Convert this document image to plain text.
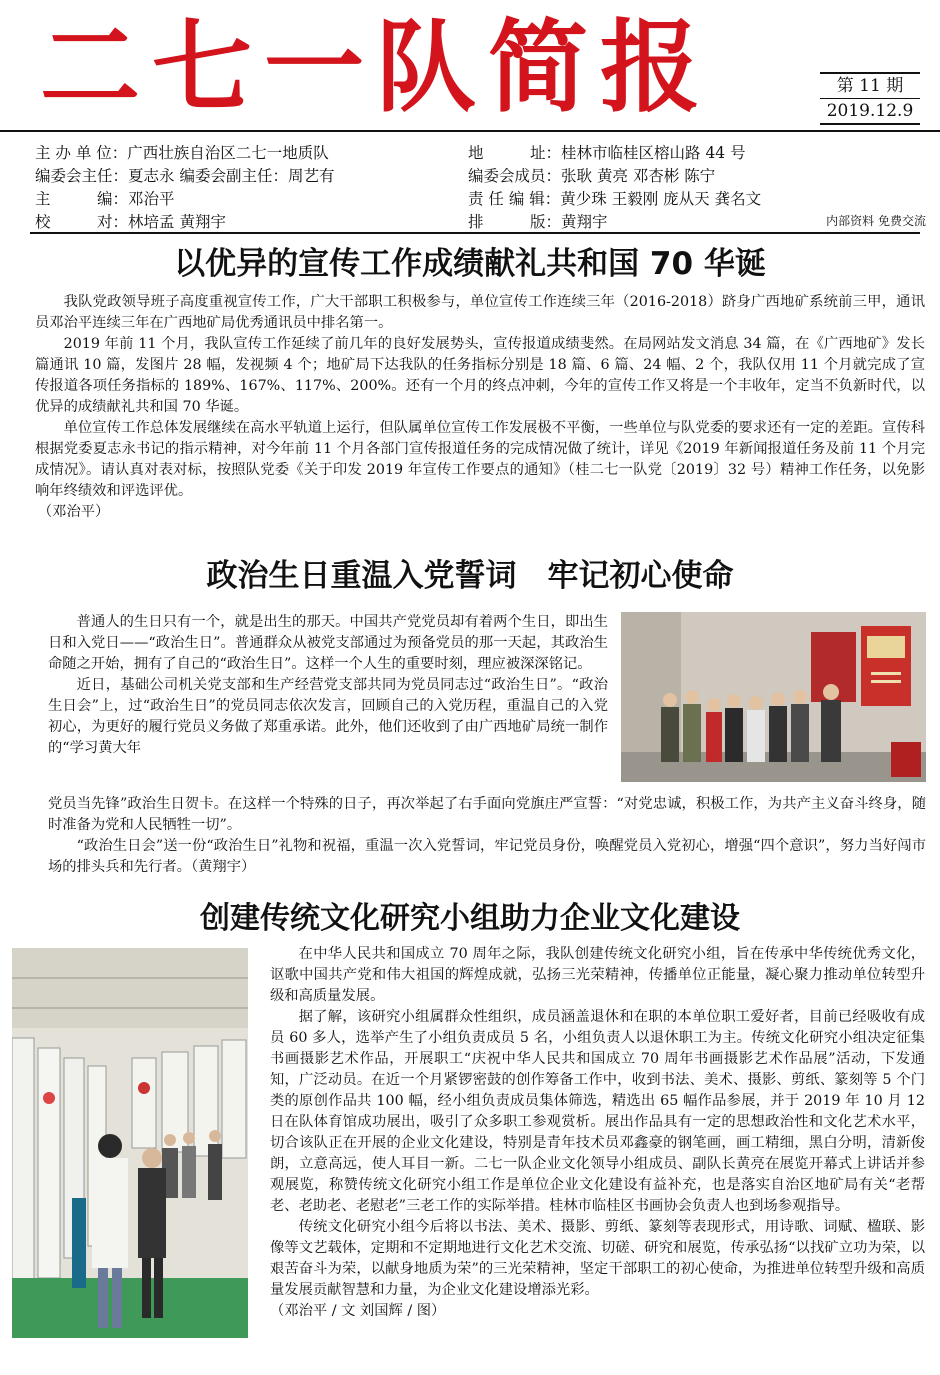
二七一队简报	第 11 期
2019.12.9
主 办 单 位：广西壮族自治区二七一地质队
编委会主任：夏志永 编委会副主任：周艺有
主　　　编：邓治平
校　　　对：林培孟 黄翔宇
地　　　址：桂林市临桂区榕山路 44 号
编委会成员：张耿 黄亮 邓杏彬 陈宁
责 任 编 辑：黄少珠 王毅刚 庞从天 龚名文
排　　　版：黄翔宇	内部资料 免费交流
以优异的宣传工作成绩献礼共和国 70 华诞

我队党政领导班子高度重视宣传工作，广大干部职工积极参与，单位宣传工作连续三年（2016-2018）跻身广西地矿系统前三甲，通讯员邓治平连续三年在广西地矿局优秀通讯员中排名第一。

2019 年前 11 个月，我队宣传工作延续了前几年的良好发展势头，宣传报道成绩斐然。在局网站发文消息 34 篇，在《广西地矿》发长篇通讯 10 篇，发图片 28 幅，发视频 4 个；地矿局下达我队的任务指标分别是 18 篇、6 篇、24 幅、2 个，我队仅用 11 个月就完成了宣传报道各项任务指标的 189%、167%、117%、200%。还有一个月的终点冲刺，今年的宣传工作又将是一个丰收年，定当不负新时代，以优异的成绩献礼共和国 70 华诞。

单位宣传工作总体发展继续在高水平轨道上运行，但队属单位宣传工作发展极不平衡，一些单位与队党委的要求还有一定的差距。宣传科根据党委夏志永书记的指示精神，对今年前 11 个月各部门宣传报道任务的完成情况做了统计，详见《2019 年新闻报道任务及前 11 个月完成情况》。请认真对表对标，按照队党委《关于印发 2019 年宣传工作要点的通知》（桂二七一队党〔2019〕32 号）精神工作任务，以免影响年终绩效和评选评优。

（邓治平）

政治生日重温入党誓词　牢记初心使命

普通人的生日只有一个，就是出生的那天。中国共产党党员却有着两个生日，即出生日和入党日——“政治生日”。普通群众从被党支部通过为预备党员的那一天起，其政治生命随之开始，拥有了自己的“政治生日”。这样一个人生的重要时刻，理应被深深铭记。

近日，基础公司机关党支部和生产经营党支部共同为党员同志过“政治生日”。“政治生日会”上，过“政治生日”的党员同志依次发言，回顾自己的入党历程，重温自己的入党初心，为更好的履行党员义务做了郑重承诺。此外，他们还收到了由广西地矿局统一制作的“学习黄大年

党员当先锋”政治生日贺卡。在这样一个特殊的日子，再次举起了右手面向党旗庄严宣誓：“对党忠诚，积极工作，为共产主义奋斗终身，随时准备为党和人民牺牲一切”。

“政治生日会”送一份“政治生日”礼物和祝福，重温一次入党誓词，牢记党员身份，唤醒党员入党初心，增强“四个意识”，努力当好闯市场的排头兵和先行者。（黄翔宇）

创建传统文化研究小组助力企业文化建设

在中华人民共和国成立 70 周年之际，我队创建传统文化研究小组，旨在传承中华传统优秀文化，讴歌中国共产党和伟大祖国的辉煌成就，弘扬三光荣精神，传播单位正能量，凝心聚力推动单位转型升级和高质量发展。

据了解，该研究小组属群众性组织，成员涵盖退休和在职的本单位职工爱好者，目前已经吸收有成员 60 多人，选举产生了小组负责成员 5 名，小组负责人以退休职工为主。传统文化研究小组决定征集书画摄影艺术作品，开展职工“庆祝中华人民共和国成立 70 周年书画摄影艺术作品展”活动，下发通知，广泛动员。在近一个月紧锣密鼓的创作筹备工作中，收到书法、美术、摄影、剪纸、篆刻等 5 个门类的原创作品共 100 幅，经小组负责成员集体筛选，精选出 65 幅作品参展，并于 2019 年 10 月 12 日在队体育馆成功展出，吸引了众多职工参观赏析。展出作品具有一定的思想政治性和文化艺术水平，切合该队正在开展的企业文化建设，特别是青年技术员邓鑫豪的钢笔画，画工精细，黑白分明，清新俊朗，立意高远，使人耳目一新。二七一队企业文化领导小组成员、副队长黄亮在展览开幕式上讲话并参观展览，称赞传统文化研究小组工作是单位企业文化建设有益补充，也是落实自治区地矿局有关“老帮老、老助老、老慰老”三老工作的实际举措。桂林市临桂区书画协会负责人也到场参观指导。

传统文化研究小组今后将以书法、美术、摄影、剪纸、篆刻等表现形式，用诗歌、词赋、楹联、影像等文艺载体，定期和不定期地进行文化艺术交流、切磋、研究和展览，传承弘扬“以找矿立功为荣，以艰苦奋斗为荣，以献身地质为荣”的三光荣精神，坚定干部职工的初心使命，为推进单位转型升级和高质量发展贡献智慧和力量，为企业文化建设增添光彩。

（邓治平 / 文 刘国辉 / 图）
